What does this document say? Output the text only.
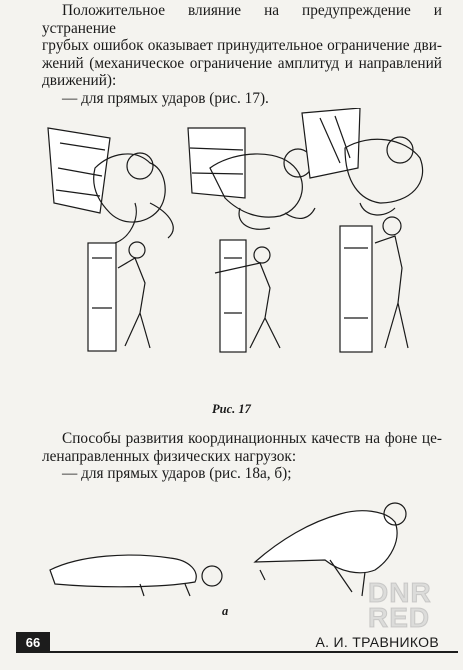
Положительное влияние на предупреждение и устранение
грубых ошибок оказывает принудительное ограничение дви-
жений (механическое ограничение амплитуд и направлений
движений):
— для прямых ударов (рис. 17).
Рис. 17
Способы развития координационных качеств на фоне це-
ленаправленных физических нагрузок:
— для прямых ударов (рис. 18а, б);
а
DNR
RED
66	А. И. ТРАВНИКОВ
